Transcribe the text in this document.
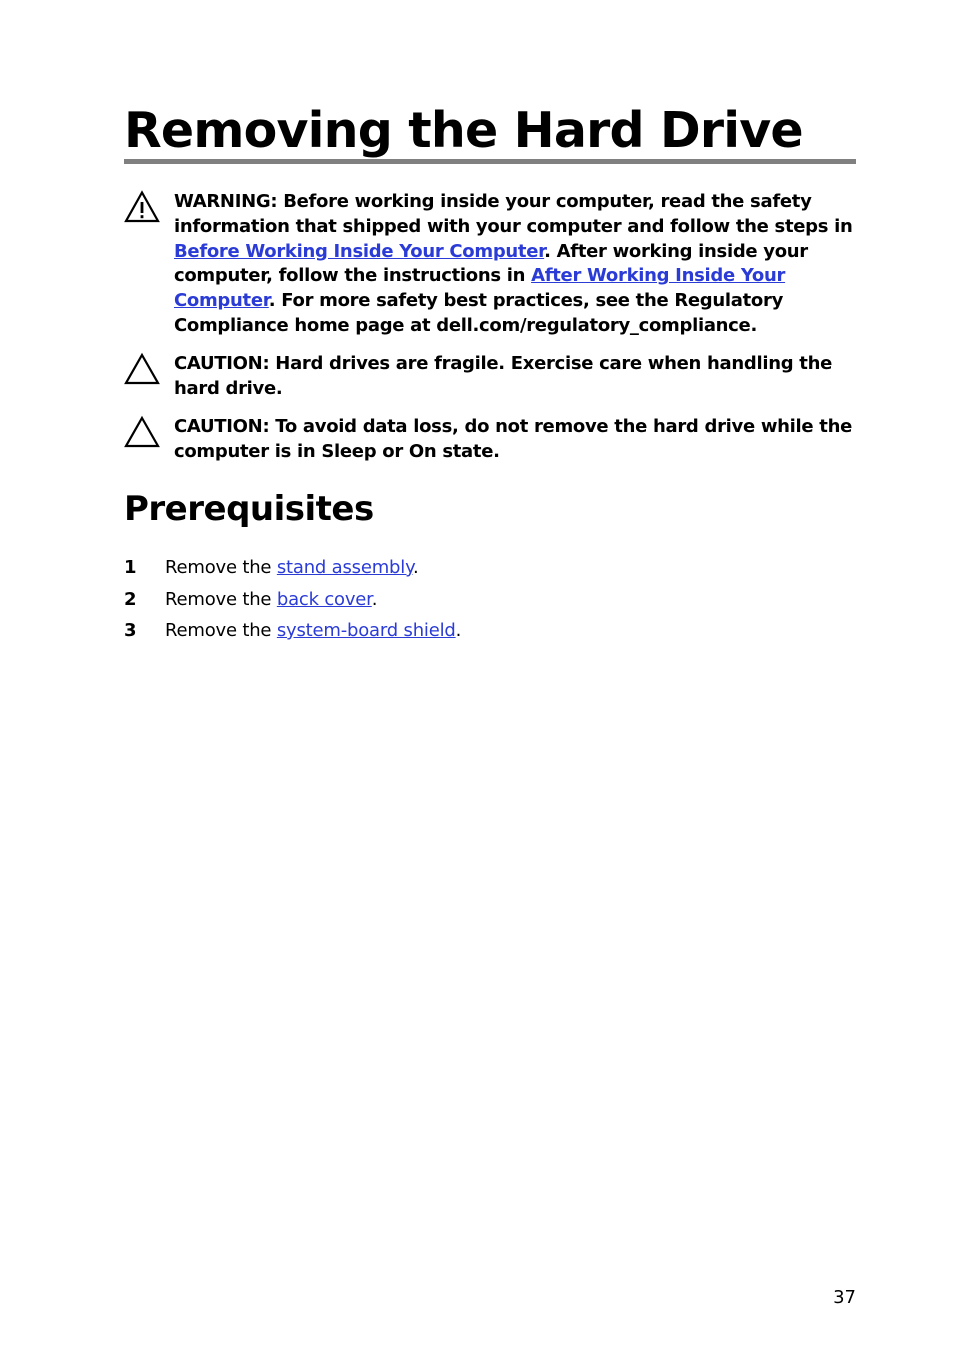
Removing the Hard Drive

WARNING: Before working inside your computer, read the safety information that shipped with your computer and follow the steps in Before Working Inside Your Computer. After working inside your computer, follow the instructions in After Working Inside Your Computer. For more safety best practices, see the Regulatory Compliance home page at dell.com/regulatory_compliance.

CAUTION: Hard drives are fragile. Exercise care when handling the hard drive.

CAUTION: To avoid data loss, do not remove the hard drive while the computer is in Sleep or On state.

Prerequisites
1 Remove the stand assembly.
2 Remove the back cover.
3 Remove the system-board shield.
37
